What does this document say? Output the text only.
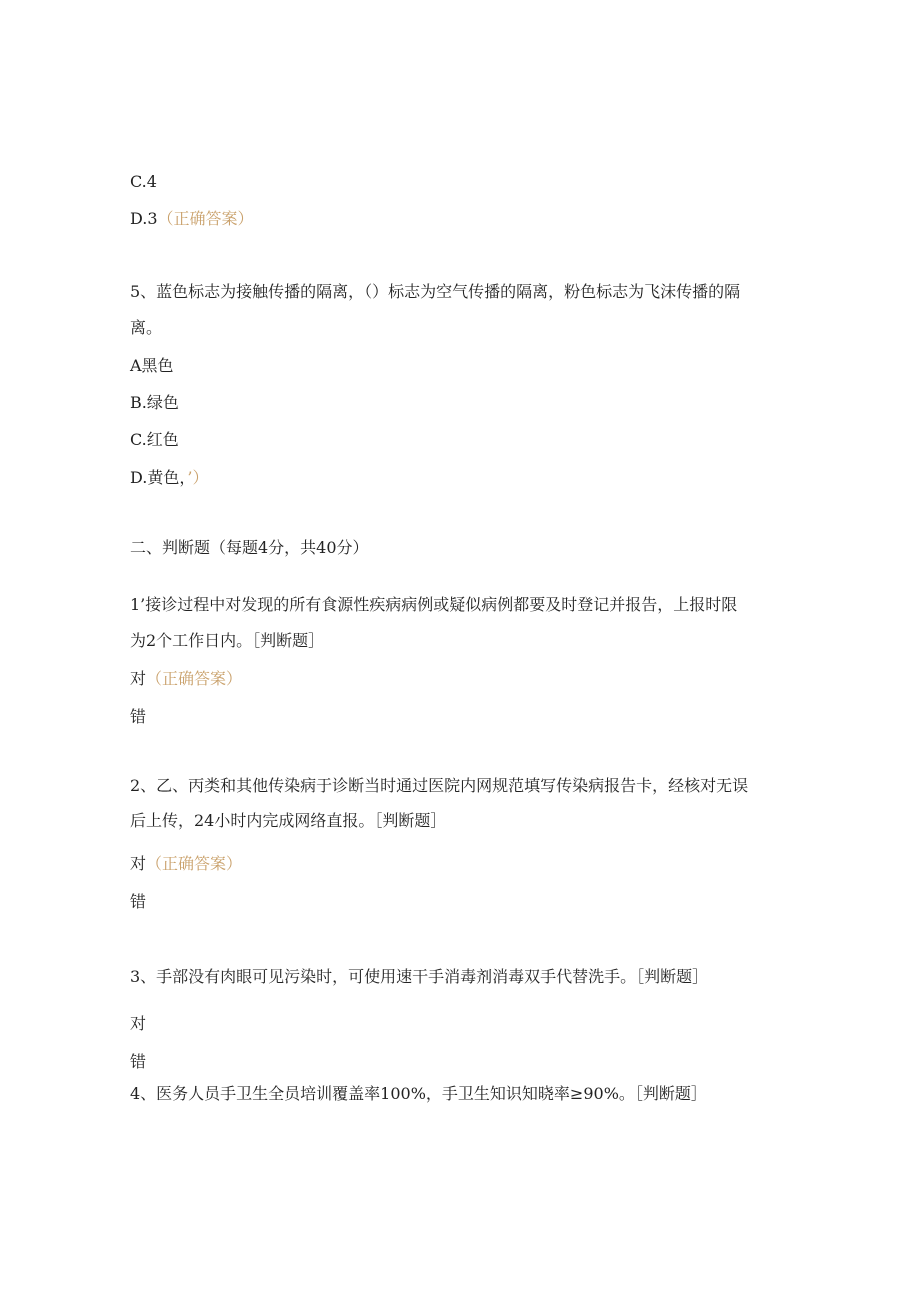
C.4
D.3（正确答案）
5、蓝色标志为接触传播的隔离，（）标志为空气传播的隔离，粉色标志为飞沫传播的隔
离。
A黑色
B.绿色
C.红色
D.黄色，’）
二、判断题（每题4分，共40分）
1’接诊过程中对发现的所有食源性疾病病例或疑似病例都要及时登记并报告，上报时限
为2个工作日内。［判断题］
对（正确答案）
错
2、乙、丙类和其他传染病于诊断当时通过医院内网规范填写传染病报告卡，经核对无误
后上传，24小时内完成网络直报。［判断题］
对（正确答案）
错
3、手部没有肉眼可见污染时，可使用速干手消毒剂消毒双手代替洗手。［判断题］
对
错
4、医务人员手卫生全员培训覆盖率100%，手卫生知识知晓率≥90%。［判断题］
